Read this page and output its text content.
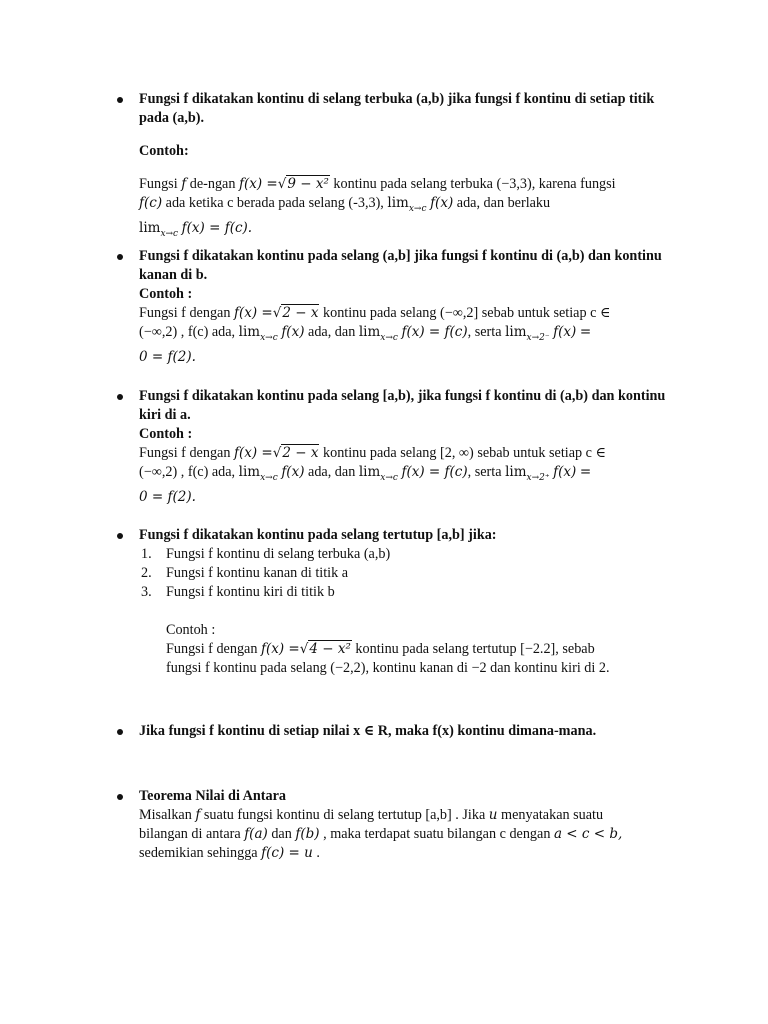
Fungsi f dikatakan kontinu di selang terbuka (a,b) jika fungsi f kontinu di setiap titik pada (a,b).
Contoh:
Fungsi f de-ngan f(x) =√9 − x² kontinu pada selang terbuka (−3,3), karena fungsi
f(c) ada ketika c berada pada selang (-3,3), $\lim_{x\to c} f(x)$ ada, dan berlaku
$\lim_{x\to c} f(x) = f(c)$.
Fungsi f dikatakan kontinu pada selang (a,b] jika fungsi f kontinu di (a,b) dan kontinu kanan di b.
Contoh :
Fungsi f dengan f(x) =√2 − x kontinu pada selang (−∞,2] sebab untuk setiap c ∈
(−∞,2) , f(c) ada, $\lim_{x\to c} f(x)$ ada, dan $\lim_{x\to c} f(x) = f(c)$, serta $\lim_{x\to 2^-} f(x)$ =
0 = f(2).
Fungsi f dikatakan kontinu pada selang [a,b), jika fungsi f kontinu di (a,b) dan kontinu kiri di a.
Contoh :
Fungsi f dengan f(x) =√2 − x kontinu pada selang [2, ∞) sebab untuk setiap c ∈
(−∞,2) , f(c) ada, $\lim_{x\to c} f(x)$ ada, dan $\lim_{x\to c} f(x) = f(c)$, serta $\lim_{x\to 2^+} f(x)$ =
0 = f(2).
Fungsi f dikatakan kontinu pada selang tertutup [a,b] jika:
1. Fungsi f kontinu di selang terbuka (a,b)
2. Fungsi f kontinu kanan di titik a
3. Fungsi f kontinu kiri di titik b
Contoh :
Fungsi f dengan f(x) =√4 − x² kontinu pada selang tertutup [−2.2], sebab
fungsi f kontinu pada selang (−2,2), kontinu kanan di −2 dan kontinu kiri di 2.
Jika fungsi f kontinu di setiap nilai x ∈ R, maka f(x) kontinu dimana-mana.
Teorema Nilai di Antara
Misalkan f suatu fungsi kontinu di selang tertutup [a,b] . Jika u menyatakan suatu
bilangan di antara f(a) dan f(b) , maka terdapat suatu bilangan c dengan a < c < b,
sedemikian sehingga f(c) = u .
